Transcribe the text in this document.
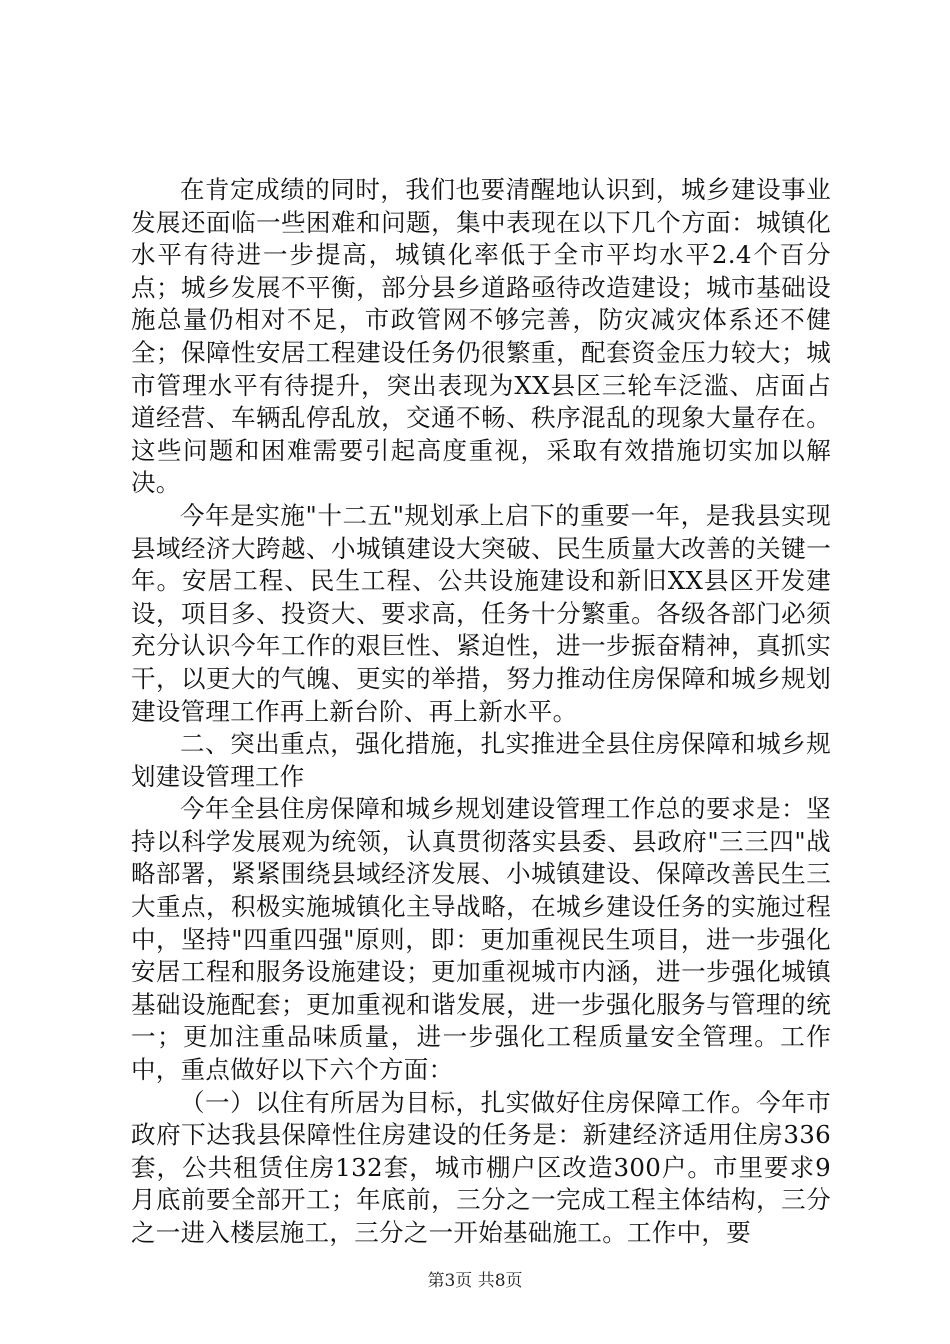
在肯定成绩的同时，我们也要清醒地认识到，城乡建设事业发展还面临一些困难和问题，集中表现在以下几个方面：城镇化水平有待进一步提高，城镇化率低于全市平均水平2.4个百分点；城乡发展不平衡，部分县乡道路亟待改造建设；城市基础设施总量仍相对不足，市政管网不够完善，防灾减灾体系还不健全；保障性安居工程建设任务仍很繁重，配套资金压力较大；城市管理水平有待提升，突出表现为XX县区三轮车泛滥、店面占道经营、车辆乱停乱放，交通不畅、秩序混乱的现象大量存在。这些问题和困难需要引起高度重视，采取有效措施切实加以解决。

今年是实施"十二五"规划承上启下的重要一年，是我县实现县域经济大跨越、小城镇建设大突破、民生质量大改善的关键一年。安居工程、民生工程、公共设施建设和新旧XX县区开发建设，项目多、投资大、要求高，任务十分繁重。各级各部门必须充分认识今年工作的艰巨性、紧迫性，进一步振奋精神，真抓实干，以更大的气魄、更实的举措，努力推动住房保障和城乡规划建设管理工作再上新台阶、再上新水平。

二、突出重点，强化措施，扎实推进全县住房保障和城乡规划建设管理工作

今年全县住房保障和城乡规划建设管理工作总的要求是：坚持以科学发展观为统领，认真贯彻落实县委、县政府"三三四"战略部署，紧紧围绕县域经济发展、小城镇建设、保障改善民生三大重点，积极实施城镇化主导战略，在城乡建设任务的实施过程中，坚持"四重四强"原则，即：更加重视民生项目，进一步强化安居工程和服务设施建设；更加重视城市内涵，进一步强化城镇基础设施配套；更加重视和谐发展，进一步强化服务与管理的统一；更加注重品味质量，进一步强化工程质量安全管理。工作中，重点做好以下六个方面：

（一）以住有所居为目标，扎实做好住房保障工作。今年市政府下达我县保障性住房建设的任务是：新建经济适用住房336套，公共租赁住房132套，城市棚户区改造300户。市里要求9月底前要全部开工；年底前，三分之一完成工程主体结构，三分之一进入楼层施工，三分之一开始基础施工。工作中，要

第3页 共8页
